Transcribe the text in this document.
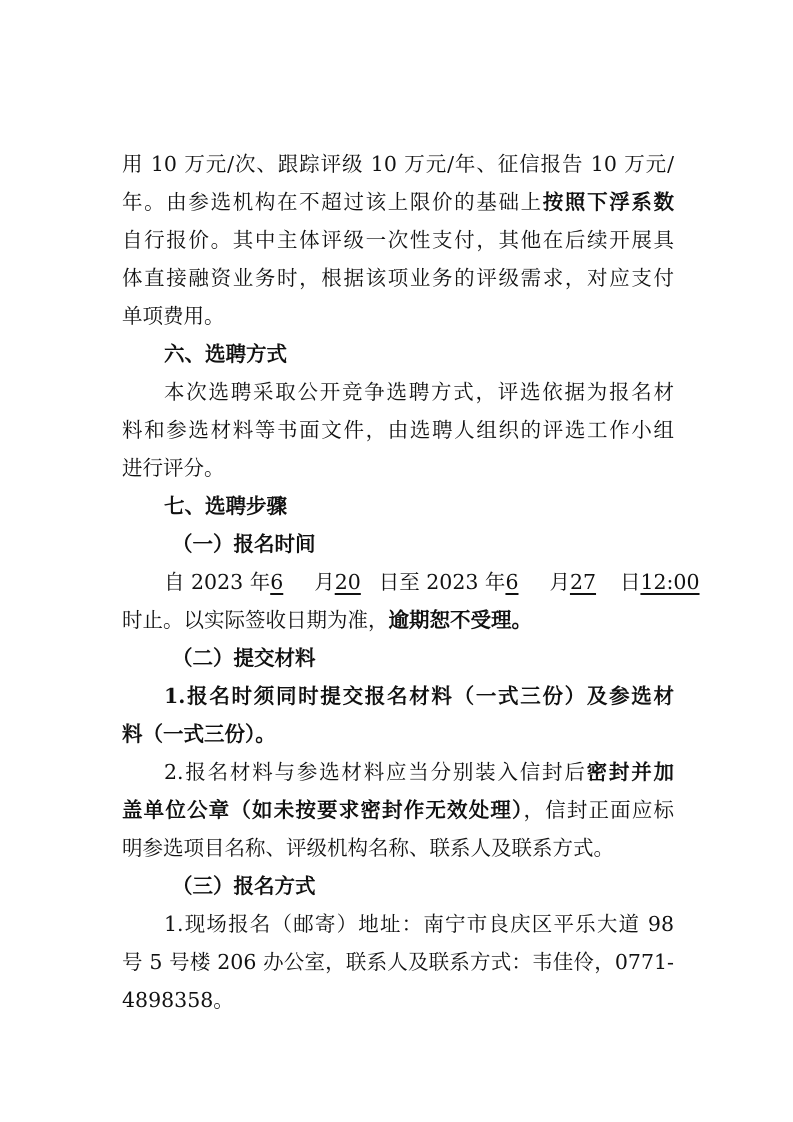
用 10 万元/次、跟踪评级 10 万元/年、征信报告 10 万元/
年。由参选机构在不超过该上限价的基础上按照下浮系数
自行报价。其中主体评级一次性支付，其他在后续开展具
体直接融资业务时，根据该项业务的评级需求，对应支付
单项费用。
六、选聘方式
本次选聘采取公开竞争选聘方式，评选依据为报名材
料和参选材料等书面文件，由选聘人组织的评选工作小组
进行评分。
七、选聘步骤
（一）报名时间
自 2023 年6 月20 日至 2023 年6 月27 日12:00
时止。以实际签收日期为准，逾期恕不受理。
（二）提交材料
1.报名时须同时提交报名材料（一式三份）及参选材
料（一式三份）。
2.报名材料与参选材料应当分别装入信封后密封并加
盖单位公章（如未按要求密封作无效处理），信封正面应标
明参选项目名称、评级机构名称、联系人及联系方式。
（三）报名方式
1.现场报名（邮寄）地址：南宁市良庆区平乐大道 98
号 5 号楼 206 办公室，联系人及联系方式：韦佳伶，0771-
4898358。
